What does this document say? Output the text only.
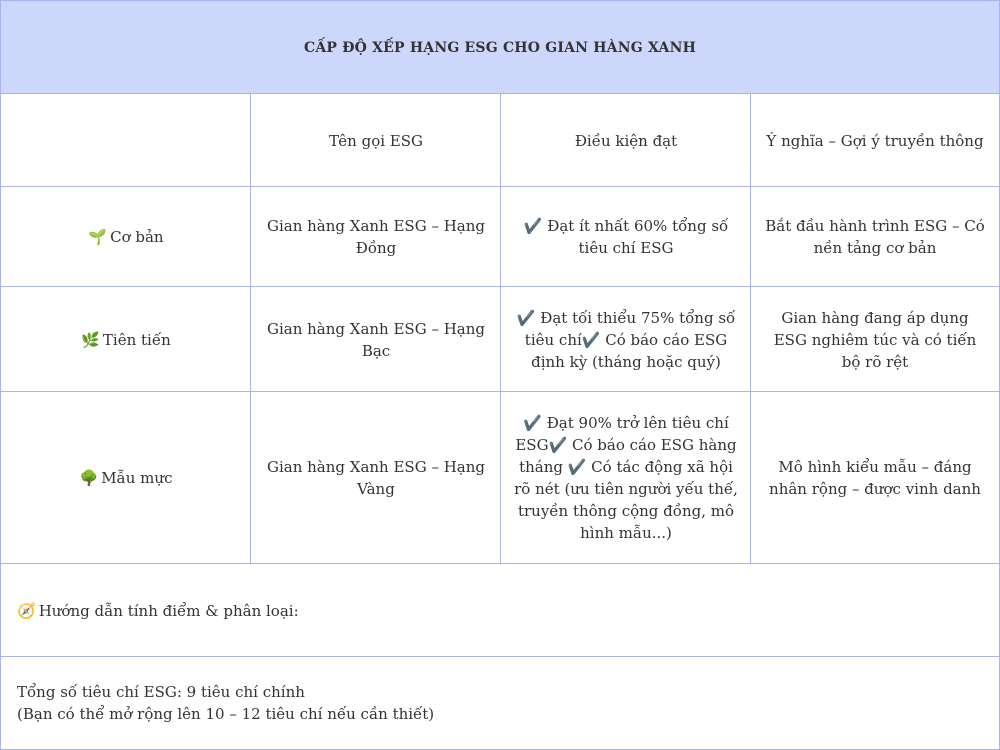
CẤP ĐỘ XẾP HẠNG ESG CHO GIAN HÀNG XANH
Tên gọi ESG	Điều kiện đạt	Ý nghĩa – Gợi ý truyền thông
🌱 Cơ bản
Gian hàng Xanh ESG – Hạng Đồng
✔️ Đạt ít nhất 60% tổng số tiêu chí ESG
Bắt đầu hành trình ESG – Có nền tảng cơ bản
🌿 Tiên tiến
Gian hàng Xanh ESG – Hạng Bạc
✔️ Đạt tối thiểu 75% tổng số tiêu chí✔️ Có báo cáo ESG định kỳ (tháng hoặc quý)
Gian hàng đang áp dụng ESG nghiêm túc và có tiến bộ rõ rệt
🌳 Mẫu mực
Gian hàng Xanh ESG – Hạng Vàng
✔️ Đạt 90% trở lên tiêu chí ESG✔️ Có báo cáo ESG hàng tháng ✔️ Có tác động xã hội rõ nét (ưu tiên người yếu thế, truyền thông cộng đồng, mô hình mẫu...)
Mô hình kiểu mẫu – đáng nhân rộng – được vinh danh
🧭 Hướng dẫn tính điểm & phân loại:
Tổng số tiêu chí ESG: 9 tiêu chí chính
(Bạn có thể mở rộng lên 10 – 12 tiêu chí nếu cần thiết)
